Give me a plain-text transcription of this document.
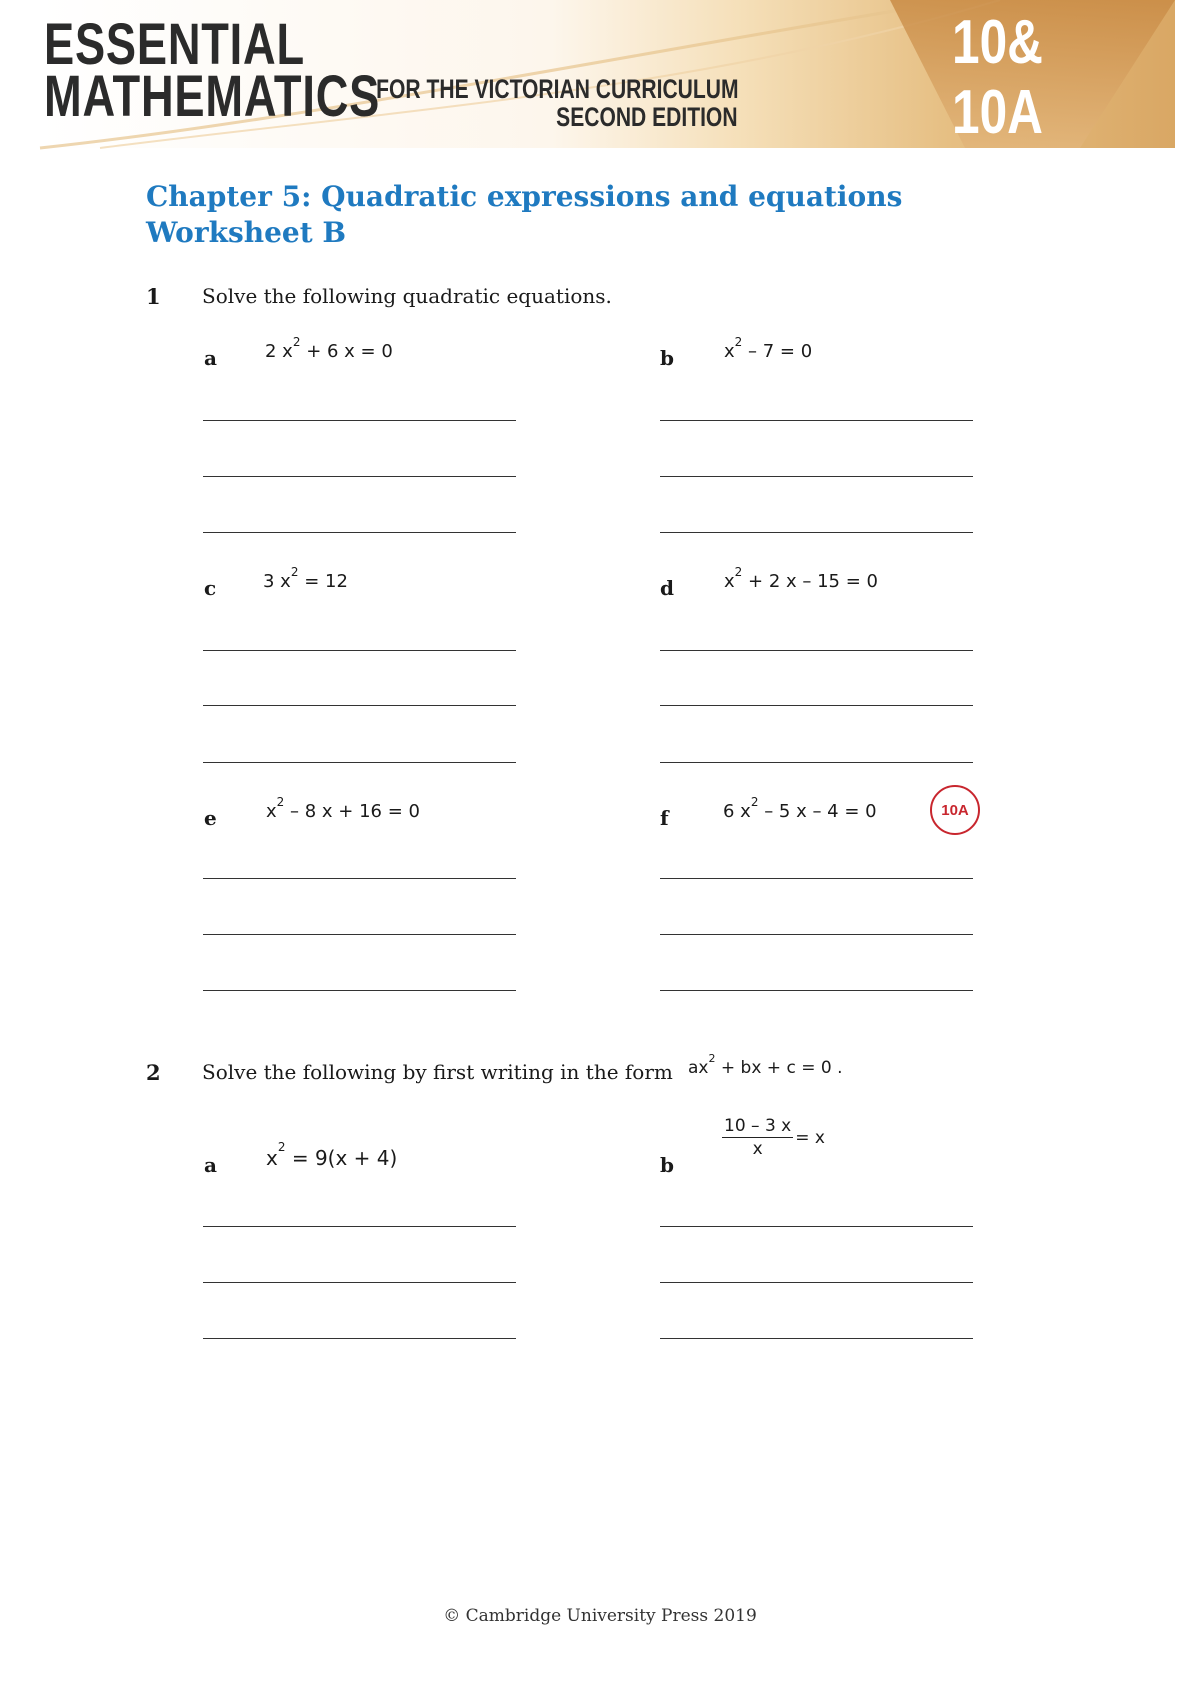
ESSENTIAL
MATHEMATICS
FOR THE VICTORIAN CURRICULUM
SECOND EDITION
10&
10A
Chapter 5: Quadratic expressions and equations
Worksheet B
1 Solve the following quadratic equations.
a	2 $x^2 + 6$ x = 0	b	$x^2 - 7 = 0$
c	3 $x^2 = 12$	d	$x^2 + 2$ x – 15 = 0
e	$x^2 - 8$ x + 16 = 0	f	6 $x^2 - 5$ x – 4 = 0	10A
2 Solve the following by first writing in the form $ax^2$ + bx + c = 0 .
a $x^2 = 9(x + 4)$	b
$\frac{10 - 3 x}{x} = x$
© Cambridge University Press 2019
